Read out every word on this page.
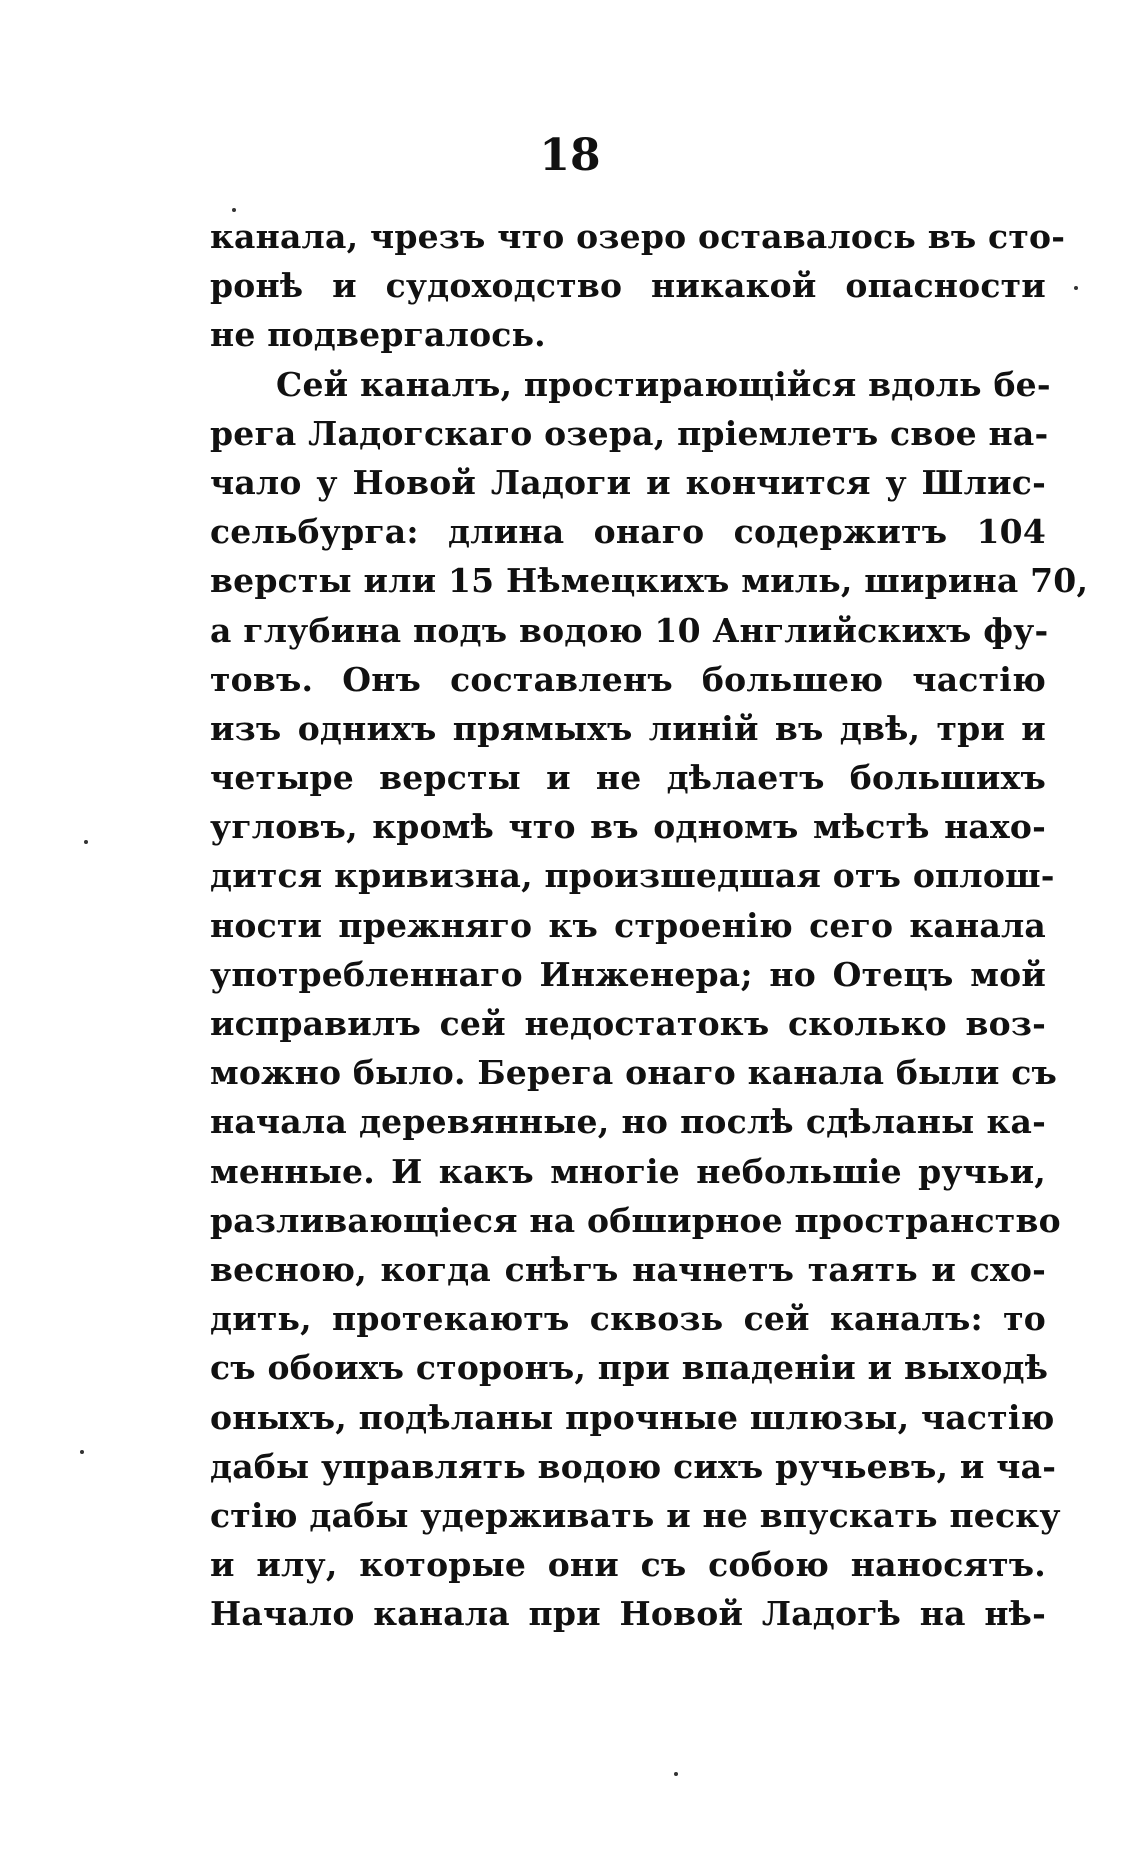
18
канала, чрезъ что озеро оставалось въ сто-
ронѣ и судоходство никакой опасности
не подвергалось.
Сей каналъ, простирающійся вдоль бе-
рега Ладогскаго озера, пріемлетъ свое на-
чало у Новой Ладоги и кончится у Шлис-
сельбурга: длина онаго содержитъ 104
версты или 15 Нѣмецкихъ миль, ширина 70,
а глубина подъ водою 10 Английскихъ фу-
товъ. Онъ составленъ большею частію
изъ однихъ прямыхъ линій въ двѣ, три и
четыре версты и не дѣлаетъ большихъ
угловъ, кромѣ что въ одномъ мѣстѣ нахо-
дится кривизна, произшедшая отъ оплош-
ности прежняго къ строенію сего канала
употребленнаго Инженера; но Отецъ мой
исправилъ сей недостатокъ сколько воз-
можно было. Берега онаго канала были съ
начала деревянные, но послѣ сдѣланы ка-
менные. И какъ многіе небольшіе ручьи,
разливающіеся на обширное пространство
весною, когда снѣгъ начнетъ таять и схо-
дить, протекаютъ сквозь сей каналъ: то
съ обоихъ сторонъ, при впаденіи и выходѣ
оныхъ, подѣланы прочные шлюзы, частію
дабы управлять водою сихъ ручьевъ, и ча-
стію дабы удерживать и не впускать песку
и илу, которые они съ собою наносятъ.
Начало канала при Новой Ладогѣ на нѣ-
